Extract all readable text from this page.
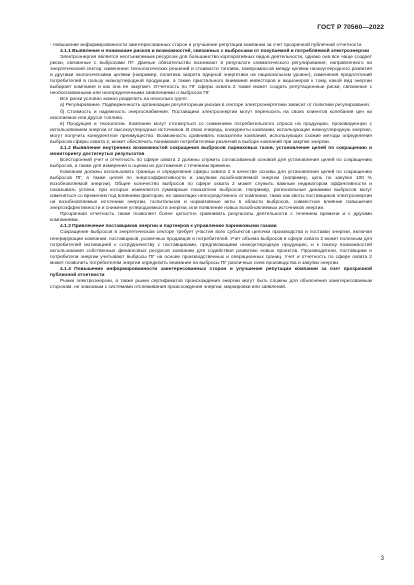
ГОСТ Р 70560—2022

- повышение информированности заинтересованных сторон и улучшение репутации компании за счет прозрачной публичной отчетности.

4.1.1 Выявление и понимание рисков и возможностей, связанных с выбросами от покупаемой и потребляемой электроэнергии

Электроэнергия является неотъемлемым ресурсом для большинства корпоративных видов деятельности, однако она все чаще создает риски, связанные с выбросами ПГ. Данные обязательство возникают в результате климатического регулирования, направленного на энергетический сектор, изменения технологических решений и стоимости топлива, компромиссов между целями низкоуглеродного развития и другими экологическими целями (например, политика запрета ядерной энергетики на национальном уровне), изменения предпочтений потребителей в пользу низкоуглеродной продукции, а также пристального внимания инвесторов и акционеров к тому, какой вид энергии выбирает компания и как она ее закупает. Отчетность по ПГ сферы охвата 2 также может создать репутационные риски, связанные с необоснованными или неопределенными заявлениями о выбросах ПГ.

Все риски условно можно разделить на несколько групп.

а) Регулирование. Подверженность организации регуляторным рискам в секторе электроэнергетики зависит от политики регулирования.

б) Стоимость и надежность энергоснабжения. Поставщики электроэнергии могут переносить на своих клиентов колебания цен на ископаемое или другое топливо.

в) Продукция и технологии. Компании могут столкнуться со снижением потребительского спроса на продукцию, произведенную с использованием энергии от высокоуглеродных источников. В свою очередь, конкуренты компании, использующие низкоуглеродную энергию, могут получить конкурентное преимущество. Возможность сравнивать показатели компаний, использующих схожие методы определения выбросов сферы охвата 2, может обеспечить понимание потребителями различий в выборе компаний при закупке энергии.

4.1.2 Выявление внутренних возможностей сокращения выбросов парниковых газов, установление целей по сокращению и мониторингу достигнутых результатов

Всесторонний учет и отчетность по сфере охвата 2 должны служить согласованной основой для установления целей по сокращению выбросов, а также для измерения и оценки их достижения с течением времени.

Компании должны использовать границы и определения сферы охвата 2 в качестве основы для установления целей по сокращению выбросов ПГ, а также целей по энергоэффективности и закупкам возобновляемой энергии (например, цель по закупке 100 % возобновляемой энергии). Общее количество выбросов по сфере охвата 2 может служить важным индикатором эффективности и показывать успехи, при которых изменяются суммарные показатели выбросов. Например, региональные динамики выбросов могут изменяться со временем под влиянием факторов, не зависящих непосредственно от компании, таких как квоты поставщиков электроэнергии на возобновляемые источники энергии, госпитальная и нормативные акты в области выбросов, совместное влияние повышения энергоэффективности и снижения углеродоемкости энергии, или появление новых возобновляемых источников энергии.

Прозрачная отчетность также позволяет более целостно сравнивать результаты деятельности с течением времени и с другими компаниями.

4.1.3 Привлечение поставщиков энергии и партнеров к управлению парниковыми газами

Сокращение выбросов в энергетическом секторе требует участия всех субъектов цепочки производства и поставки энергии, включая генерирующие компании, поставщиков, розничных продавцов и потребителей. Учет объема выбросов в сфере охвата 2 может полезным для потребителей мотивацией к сотрудничеству с поставщиками, предлагающими низкоуглеродную продукцию, и к поиску возможностей использования собственных финансовых ресурсов компании для содействия развитию новых проектов. Производители, поставщики и потребители энергии учитывают выбросы ПГ на основе производственных и операционных границ. Учет и отчетность по сфере охвата 2 может позволить потребителям энергии определить внимание на выбросы ПГ различных схем производства и закупки энергии.

4.1.4 Повышение информированности заинтересованных сторон и улучшение репутации компании за счет прозрачной публичной отчетности

Рынки электроэнергии, а также рынки сертификатов происхождения энергии могут быть сложны для объяснения заинтересованным сторонам, не знакомым с системами отслеживания происхождения энергии, маркировки или заявлений.

3
